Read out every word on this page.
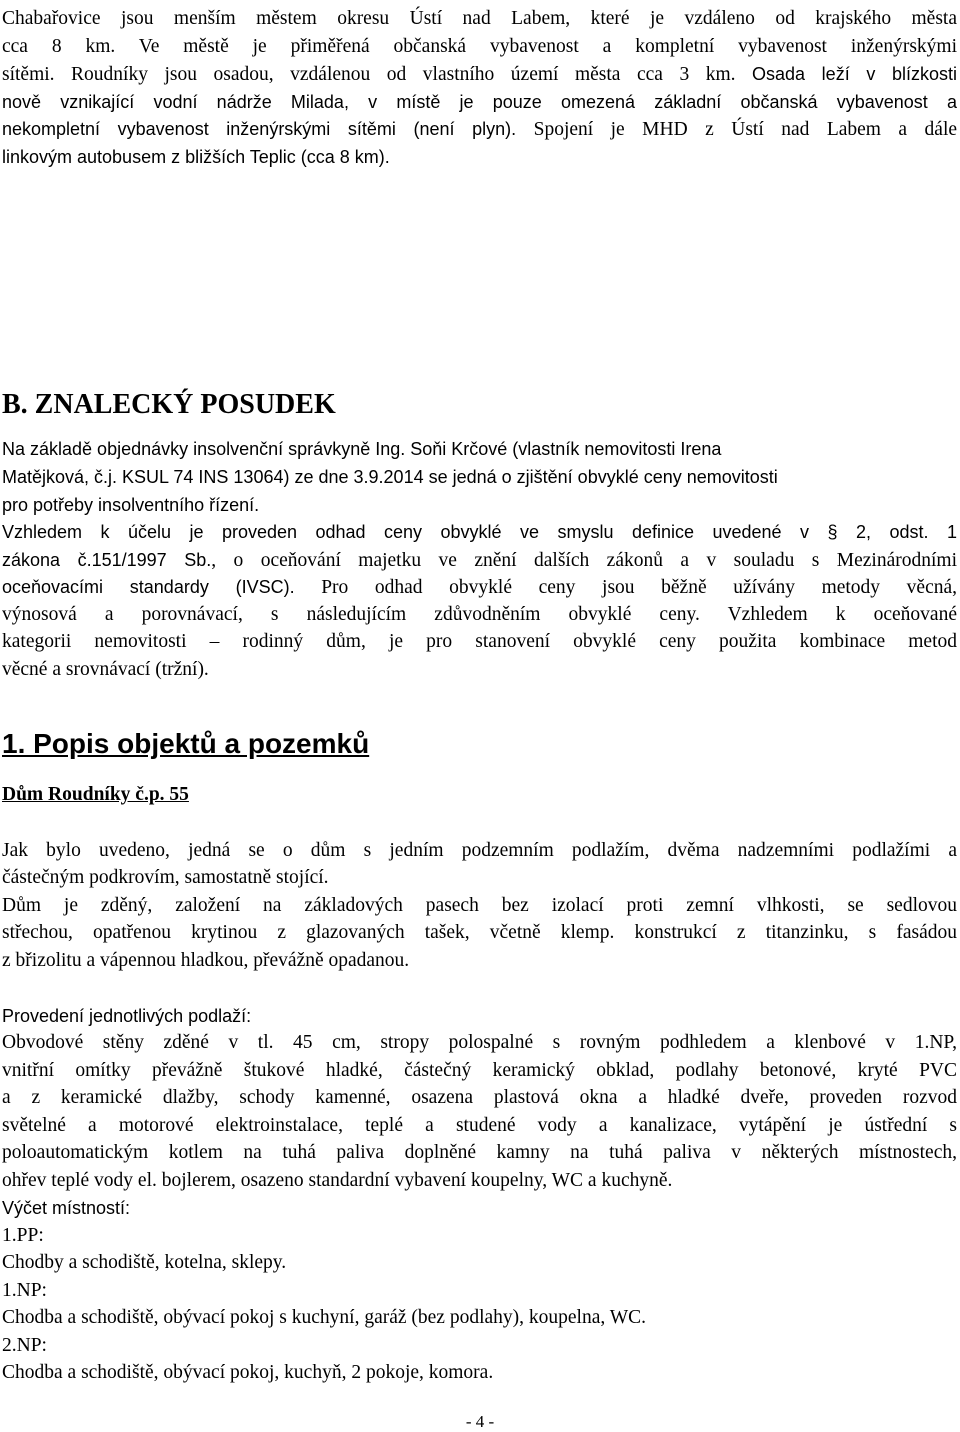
Chabařovice jsou menším městem okresu Ústí nad Labem, které je vzdáleno od krajského města

cca 8 km. Ve městě je přiměřená občanská vybavenost a kompletní vybavenost inženýrskými

sítěmi. Roudníky jsou osadou, vzdálenou od vlastního území města cca 3 km. Osada leží v blízkosti

nově vznikající vodní nádrže Milada, v místě je pouze omezená základní občanská vybavenost a

nekompletní vybavenost inženýrskými sítěmi (není plyn). Spojení je MHD z Ústí nad Labem a dále

linkovým autobusem z bližších Teplic (cca 8 km).

B. ZNALECKÝ POSUDEK

Na základě objednávky insolvenční správkyně Ing. Soňi Krčové (vlastník nemovitosti Irena

Matějková, č.j. KSUL 74 INS 13064) ze dne 3.9.2014 se jedná o zjištění obvyklé ceny nemovitosti

pro potřeby insolventního řízení.

Vzhledem k účelu je proveden odhad ceny obvyklé ve smyslu definice uvedené v § 2, odst. 1

zákona č.151/1997 Sb., o oceňování majetku ve znění dalších zákonů a v souladu s Mezinárodními

oceňovacími standardy (IVSC). Pro odhad obvyklé ceny jsou běžně užívány metody věcná,

výnosová a porovnávací, s následujícím zdůvodněním obvyklé ceny. Vzhledem k oceňované

kategorii nemovitosti – rodinný dům, je pro stanovení obvyklé ceny použita kombinace metod

věcné a srovnávací (tržní).

1. Popis objektů a pozemků
Dům Roudníky č.p. 55

Jak bylo uvedeno, jedná se o dům s jedním podzemním podlažím, dvěma nadzemními podlažími a

částečným podkrovím, samostatně stojící.

Dům je zděný, založení na základových pasech bez izolací proti zemní vlhkosti, se sedlovou

střechou, opatřenou krytinou z glazovaných tašek, včetně klemp. konstrukcí z titanzinku, s fasádou

z břizolitu a vápennou hladkou, převážně opadanou.

Provedení jednotlivých podlaží:

Obvodové stěny zděné v tl. 45 cm, stropy polospalné s rovným podhledem a klenbové v 1.NP,

vnitřní omítky převážně štukové hladké, částečný keramický obklad, podlahy betonové, kryté PVC

a z keramické dlažby, schody kamenné, osazena plastová okna a hladké dveře, proveden rozvod

světelné a motorové elektroinstalace, teplé a studené vody a kanalizace, vytápění je ústřední s

poloautomatickým kotlem na tuhá paliva doplněné kamny na tuhá paliva v některých místnostech,

ohřev teplé vody el. bojlerem, osazeno standardní vybavení koupelny, WC a kuchyně.

Výčet místností:

1.PP:

Chodby a schodiště, kotelna, sklepy.

1.NP:

Chodba a schodiště, obývací pokoj s kuchyní, garáž (bez podlahy), koupelna, WC.

2.NP:

Chodba a schodiště, obývací pokoj, kuchyň, 2 pokoje, komora.

- 4 -
